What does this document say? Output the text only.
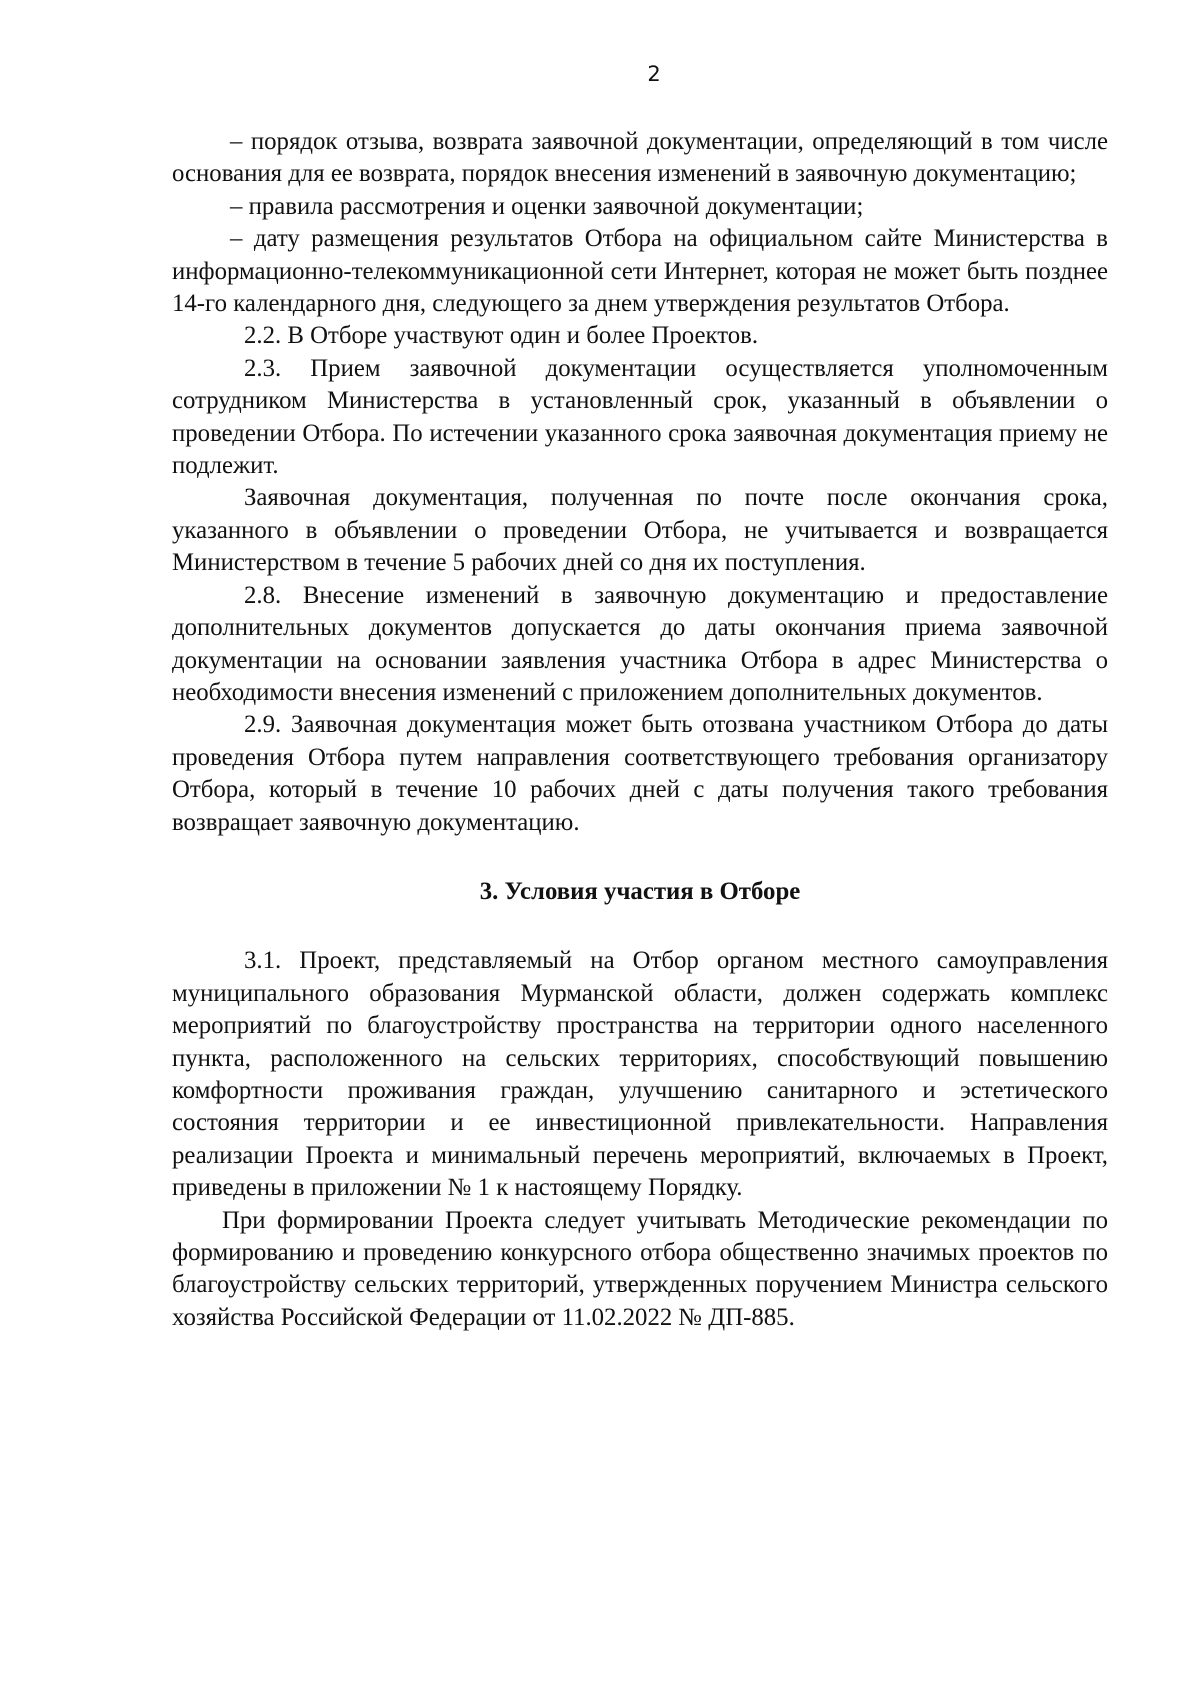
2

– порядок отзыва, возврата заявочной документации, определяющий в том числе основания для ее возврата, порядок внесения изменений в заявочную документацию;

– правила рассмотрения и оценки заявочной документации;

– дату размещения результатов Отбора на официальном сайте Министерства в информационно-телекоммуникационной сети Интернет, которая не может быть позднее 14-го календарного дня, следующего за днем утверждения результатов Отбора.

2.2. В Отборе участвуют один и более Проектов.

2.3. Прием заявочной документации осуществляется уполномоченным сотрудником Министерства в установленный срок, указанный в объявлении о проведении Отбора. По истечении указанного срока заявочная документация приему не подлежит.

Заявочная документация, полученная по почте после окончания срока, указанного в объявлении о проведении Отбора, не учитывается и возвращается Министерством в течение 5 рабочих дней со дня их поступления.

2.8. Внесение изменений в заявочную документацию и предоставление дополнительных документов допускается до даты окончания приема заявочной документации на основании заявления участника Отбора в адрес Министерства о необходимости внесения изменений с приложением дополнительных документов.

2.9. Заявочная документация может быть отозвана участником Отбора до даты проведения Отбора путем направления соответствующего требования организатору Отбора, который в течение 10 рабочих дней с даты получения такого требования возвращает заявочную документацию.

3. Условия участия в Отборе

3.1. Проект, представляемый на Отбор органом местного самоуправления муниципального образования Мурманской области, должен содержать комплекс мероприятий по благоустройству пространства на территории одного населенного пункта, расположенного на сельских территориях, способствующий повышению комфортности проживания граждан, улучшению санитарного и эстетического состояния территории и ее инвестиционной привлекательности. Направления реализации Проекта и минимальный перечень мероприятий, включаемых в Проект, приведены в приложении № 1 к настоящему Порядку.

При формировании Проекта следует учитывать Методические рекомендации по формированию и проведению конкурсного отбора общественно значимых проектов по благоустройству сельских территорий, утвержденных поручением Министра сельского хозяйства Российской Федерации от 11.02.2022 № ДП-885.
